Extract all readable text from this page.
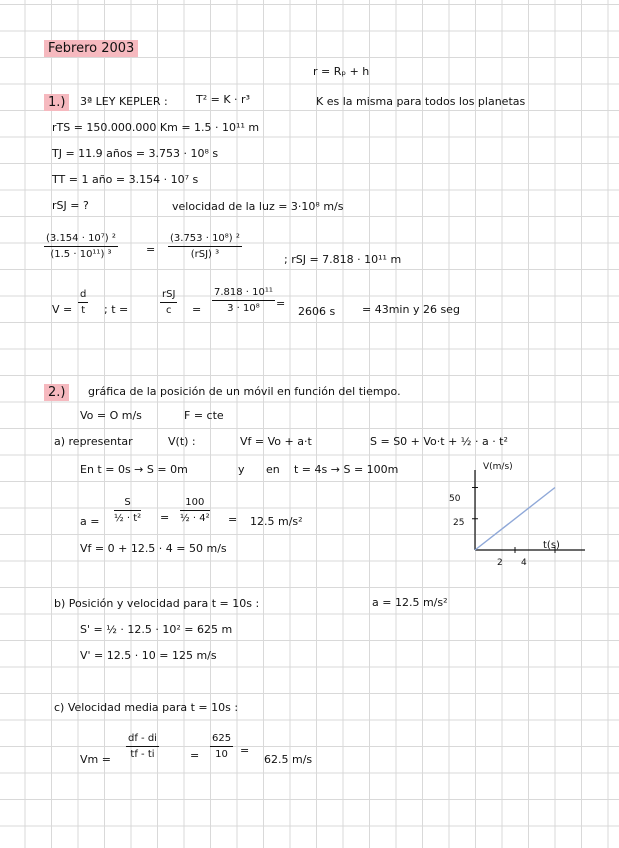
Febrero 2003
r = Rₚ + h
1.)	3ª LEY KEPLER :	T² = K · r³	K es la misma para todos los planetas
rTS = 150.000.000 Km = 1.5 · 10¹¹ m
TJ = 11.9 años = 3.753 · 10⁸ s
TT = 1 año = 3.154 · 10⁷ s
rSJ = ?	velocidad de la luz = 3·10⁸ m/s
$\frac{\text{(3.154 · 10⁷) ²}}{\text{(1.5 · 10¹¹) ³}}$	=
(3.753 · 10⁸) ²
(rSJ) ³	; rSJ = 7.818 · 10¹¹ m
$V = \frac{d}{t}$ ; t =
rSJ
c	= $\frac{\text{7.818 · 10¹¹}}{\text{3 · 10⁸}}$ =
2606 s = 43min y 26 seg
2.)	gráfica de la posición de un móvil en función del tiempo.
Vo = O m/s	F = cte
a) representar	V(t) :	Vf = Vo + a·t	S = S0 + Vo·t + ½ · a · t²
En t = 0s → S = 0m	y en t = 4s → S = 100m
$a = \frac{S}{\text{½ · t²}} = \frac{100}{\text{½ · 4²}} = 12.5$ m/s²
Vf = 0 + 12.5 · 4 = 50 m/s
V(m/s)
t(s)
50
25
2 4
b) Posición y velocidad para t = 10s :	a = 12.5 m/s²
S' = ½ · 12.5 · 10² = 625 m
V' = 12.5 · 10 = 125 m/s
c) Velocidad media para t = 10s :
$Vm = \frac{df - di}{tf - ti}$	= $\frac{625}{10}$ =
62.5 m/s
